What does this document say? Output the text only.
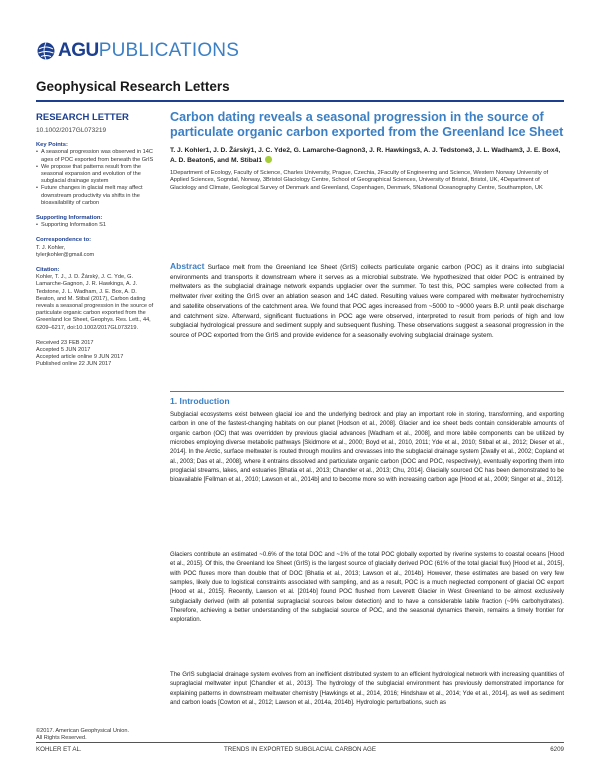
AGU PUBLICATIONS
Geophysical Research Letters
RESEARCH LETTER
10.1002/2017GL073219
Key Points:
• A seasonal progression was observed in 14C ages of POC exported from beneath the GrIS
• We propose that patterns result from the seasonal expansion and evolution of the subglacial drainage system
• Future changes in glacial melt may affect downstream productivity via shifts in the bioavailability of carbon
Supporting Information:
• Supporting Information S1
Correspondence to:
T. J. Kohler,
tylerjkohler@gmail.com
Citation:
Kohler, T. J., J. D. Žárský, J. C. Yde, G. Lamarche-Gagnon, J. R. Hawkings, A. J. Tedstone, J. L. Wadham, J. E. Box, A. D. Beaton, and M. Stibal (2017), Carbon dating reveals a seasonal progression in the source of particulate organic carbon exported from the Greenland Ice Sheet, Geophys. Res. Lett., 44, 6209–6217, doi:10.1002/2017GL073219.
Received 23 FEB 2017
Accepted 5 JUN 2017
Accepted article online 9 JUN 2017
Published online 22 JUN 2017
©2017. American Geophysical Union.
All Rights Reserved.
Carbon dating reveals a seasonal progression in the source of particulate organic carbon exported from the Greenland Ice Sheet
T. J. Kohler1, J. D. Žárský1, J. C. Yde2, G. Lamarche-Gagnon3, J. R. Hawkings3, A. J. Tedstone3, J. L. Wadham3, J. E. Box4, A. D. Beaton5, and M. Stibal1
1Department of Ecology, Faculty of Science, Charles University, Prague, Czechia, 2Faculty of Engineering and Science, Western Norway University of Applied Sciences, Sogndal, Norway, 3Bristol Glaciology Centre, School of Geographical Sciences, University of Bristol, Bristol, UK, 4Department of Glaciology and Climate, Geological Survey of Denmark and Greenland, Copenhagen, Denmark, 5National Oceanography Centre, Southampton, UK
Abstract Surface melt from the Greenland Ice Sheet (GrIS) collects particulate organic carbon (POC) as it drains into subglacial environments and transports it downstream where it serves as a microbial substrate. We hypothesized that older POC is entrained by meltwaters as the subglacial drainage network expands upglacier over the summer. To test this, POC samples were collected from a meltwater river exiting the GrIS over an ablation season and 14C dated. Resulting values were compared with meltwater hydrochemistry and satellite observations of the catchment area. We found that POC ages increased from ~5000 to ~9000 years B.P. until peak discharge and catchment size. Afterward, significant fluctuations in POC age were observed, interpreted to result from periods of high and low subglacial hydrological pressure and sediment supply and subsequent flushing. These observations suggest a seasonal progression in the source of POC exported from the GrIS and provide evidence for a seasonally evolving subglacial drainage system.
1. Introduction
Subglacial ecosystems exist between glacial ice and the underlying bedrock and play an important role in storing, transforming, and exporting carbon in one of the fastest-changing habitats on our planet [Hodson et al., 2008]. Glacier and ice sheet beds contain considerable amounts of organic carbon (OC) that was overridden by previous glacial advances [Wadham et al., 2008], and more labile components can be utilized by microbes employing diverse metabolic pathways [Skidmore et al., 2000; Boyd et al., 2010, 2011; Yde et al., 2010; Stibal et al., 2012; Dieser et al., 2014]. In the Arctic, surface meltwater is routed through moulins and crevasses into the subglacial drainage system [Zwally et al., 2002; Copland et al., 2003; Das et al., 2008], where it entrains dissolved and particulate organic carbon (DOC and POC, respectively), eventually exporting them into proglacial streams, lakes, and estuaries [Bhatia et al., 2013; Chandler et al., 2013; Chu, 2014]. Glacially sourced OC has been demonstrated to be bioavailable [Fellman et al., 2010; Lawson et al., 2014b] and to become more so with increasing carbon age [Hood et al., 2009; Singer et al., 2012].
Glaciers contribute an estimated ~0.6% of the total DOC and ~1% of the total POC globally exported by riverine systems to coastal oceans [Hood et al., 2015]. Of this, the Greenland Ice Sheet (GrIS) is the largest source of glacially derived POC (61% of the total glacial flux) [Hood et al., 2015], with POC fluxes more than double that of DOC [Bhatia et al., 2013; Lawson et al., 2014b]. However, these estimates are based on very few samples, likely due to logistical constraints associated with sampling, and as a result, POC is a much neglected component of glacial OC export [Hood et al., 2015]. Recently, Lawson et al. [2014b] found POC flushed from Leverett Glacier in West Greenland to be almost exclusively subglacially derived (with all potential supraglacial sources below detection) and to have a considerable labile fraction (~9% carbohydrates). Therefore, achieving a better understanding of the subglacial source of POC, and the seasonal dynamics therein, remains a timely frontier for exploration.
The GrIS subglacial drainage system evolves from an inefficient distributed system to an efficient hydrological network with increasing quantities of supraglacial meltwater input [Chandler et al., 2013]. The hydrology of the subglacial environment has previously demonstrated importance for explaining patterns in downstream meltwater chemistry [Hawkings et al., 2014, 2016; Hindshaw et al., 2014; Yde et al., 2014], as well as sediment and carbon loads [Cowton et al., 2012; Lawson et al., 2014a, 2014b]. Hydrologic perturbations, such as
TRENDS IN EXPORTED SUBGLACIAL CARBON AGE
KOHLER ET AL.	6209
